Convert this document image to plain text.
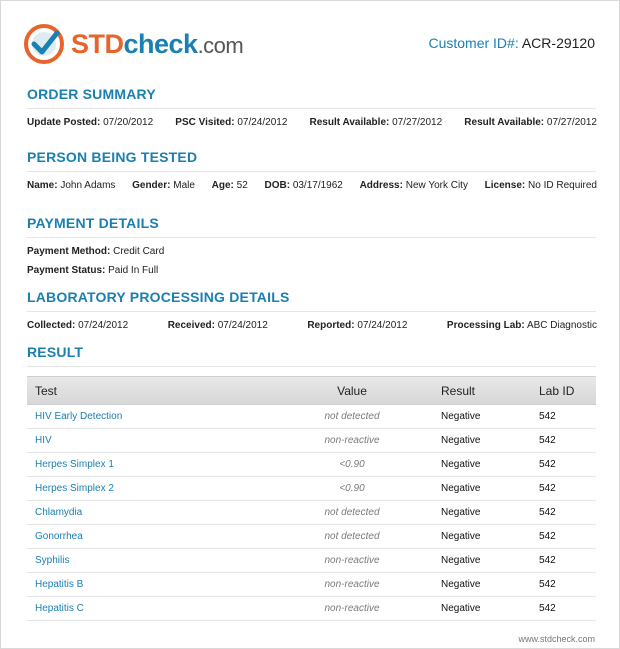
STDcheck.com	Customer ID#: ACR-29120
ORDER SUMMARY
Update Posted: 07/20/2012 PSC Visited: 07/24/2012 Result Available: 07/27/2012 Result Available: 07/27/2012
PERSON BEING TESTED
Name: John Adams Gender: Male Age: 52 DOB: 03/17/1962 Address: New York City License: No ID Required
PAYMENT DETAILS
Payment Method: Credit Card
Payment Status: Paid In Full
LABORATORY PROCESSING DETAILS
Collected: 07/24/2012	Received: 07/24/2012	Reported: 07/24/2012	Processing Lab: ABC Diagnostic
RESULT
Test	Value	Result	Lab ID
HIV Early Detection	not detected	Negative	542
HIV	non-reactive	Negative	542
Herpes Simplex 1	<0.90	Negative	542
Herpes Simplex 2	<0.90	Negative	542
Chlamydia	not detected	Negative	542
Gonorrhea	not detected	Negative	542
Syphilis	non-reactive	Negative	542
Hepatitis B	non-reactive	Negative	542
Hepatitis C	non-reactive	Negative	542
www.stdcheck.com
